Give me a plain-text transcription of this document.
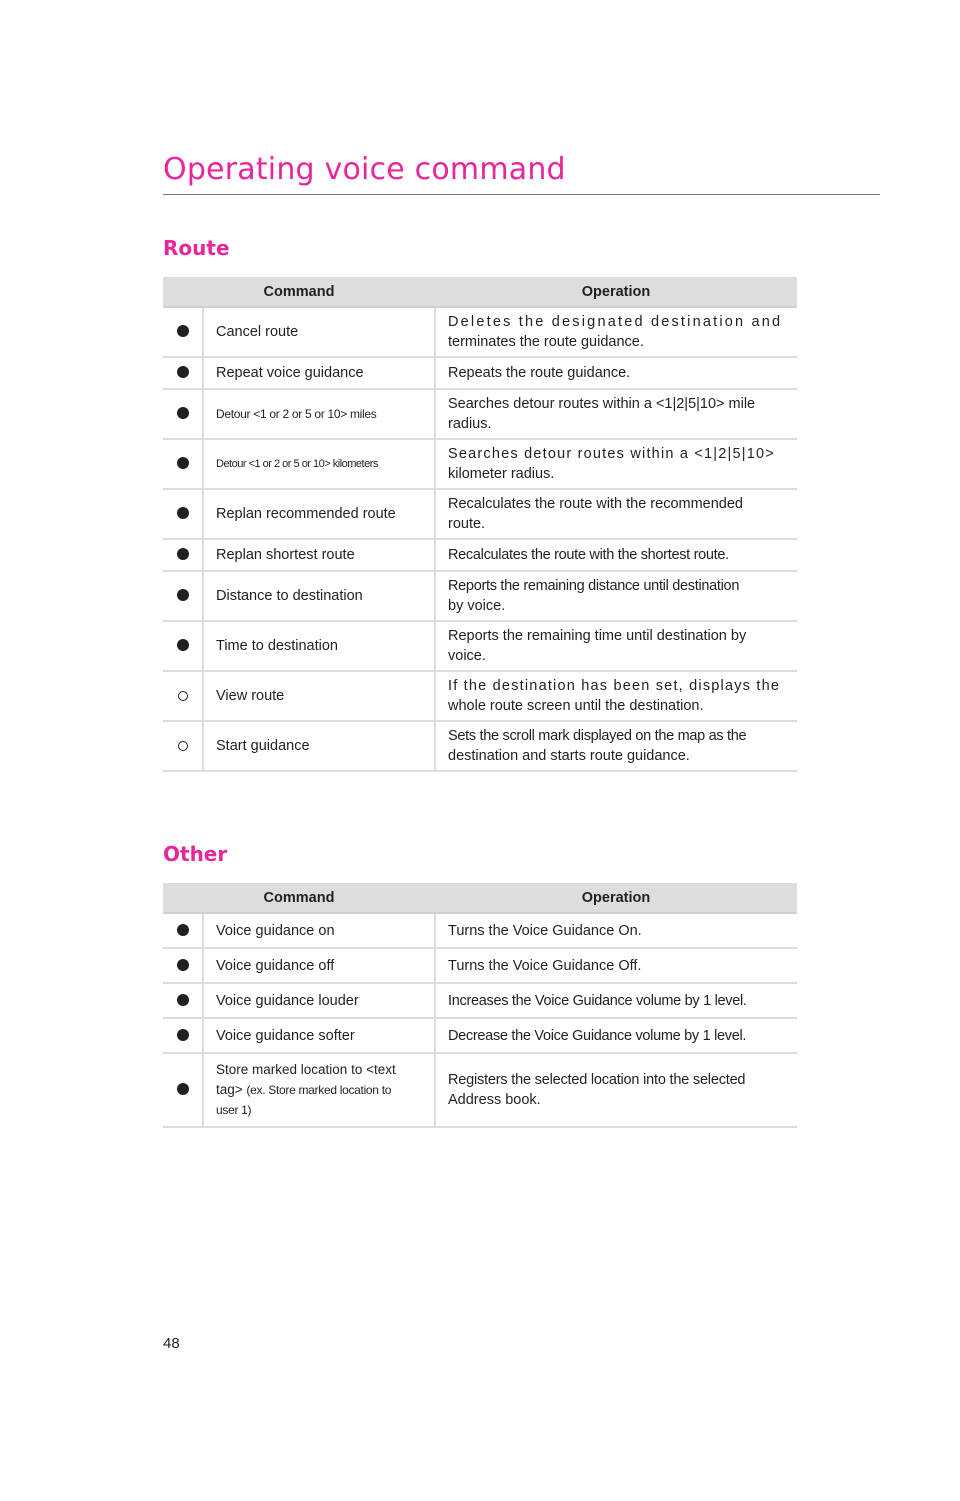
Operating voice command
Route
Command		Operation
	Cancel route	Deletes the designated destination and
terminates the route guidance.
	Repeat voice guidance	Repeats the route guidance.
	Detour <1 or 2 or 5 or 10> miles	Searches detour routes within a <1|2|5|10> mile
radius.
	Detour <1 or 2 or 5 or 10> kilometers	Searches detour routes within a <1|2|5|10>
kilometer radius.
	Replan recommended route	Recalculates the route with the recommended
route.
	Replan shortest route	Recalculates the route with the shortest route.
	Distance to destination	Reports the remaining distance until destination
by voice.
	Time to destination	Reports the remaining time until destination by
voice.
	View route	If the destination has been set, displays the
whole route screen until the destination.
	Start guidance	Sets the scroll mark displayed on the map as the
destination and starts route guidance.
Other
Command		Operation
	Voice guidance on	Turns the Voice Guidance On.
	Voice guidance off	Turns the Voice Guidance Off.
	Voice guidance louder	Increases the Voice Guidance volume by 1 level.
	Voice guidance softer	Decrease the Voice Guidance volume by 1 level.
	Store marked location to <text
tag> (ex. Store marked location to
user 1)	Registers the selected location into the selected
Address book.
48
